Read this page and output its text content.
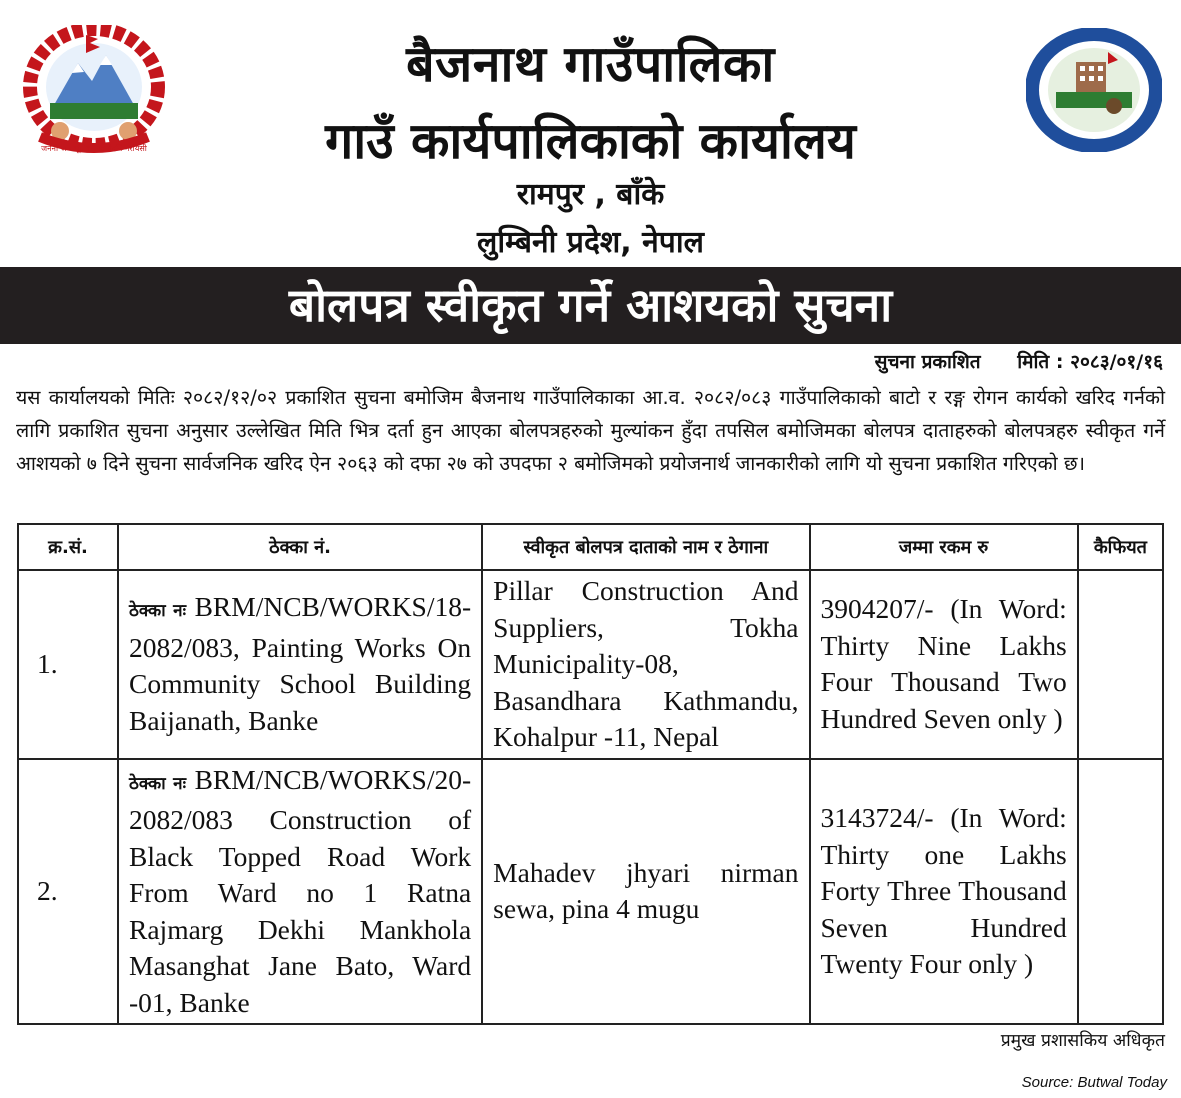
जननी जन्मभूमिश्च स्वर्गादपि गरीयसी
बैजनाथ गाउँपालिका
गाउँ कार्यपालिकाको कार्यालय
रामपुर , बाँके
लुम्बिनी प्रदेश, नेपाल
बोलपत्र स्वीकृत गर्ने आशयको सुचना
सुचना प्रकाशित मिति : २०८३/०१/१६
यस कार्यालयको मितिः २०८२/१२/०२ प्रकाशित सुचना बमोजिम बैजनाथ गाउँपालिकाका आ.व. २०८२/०८३ गाउँपालिकाको बाटो र रङ्ग रोगन कार्यको खरिद गर्नको लागि प्रकाशित सुचना अनुसार उल्लेखित मिति भित्र दर्ता हुन आएका बोलपत्रहरुको मुल्यांकन हुँदा तपसिल बमोजिमका बोलपत्र दाताहरुको बोलपत्रहरु स्वीकृत गर्ने आशयको ७ दिने सुचना सार्वजनिक खरिद ऐन २०६३ को दफा २७ को उपदफा २ बमोजिमको प्रयोजनार्थ जानकारीको लागि यो सुचना प्रकाशित गरिएको छ।
क्र.सं.	ठेक्का नं.	स्वीकृत बोलपत्र दाताको नाम र ठेगाना	जम्मा रकम रु	कैफियत
1.	ठेक्का नः BRM/NCB/WORKS/18-2082/083, Painting Works On Community School Building Baijanath, Banke	Pillar Construction And Suppliers, Tokha Municipality-08, Basandhara Kathmandu, Kohalpur -11, Nepal	3904207/- (In Word: Thirty Nine Lakhs Four Thousand Two Hundred Seven only )	
2.	ठेक्का नः BRM/NCB/WORKS/20-2082/083 Construction of Black Topped Road Work From Ward no 1 Ratna Rajmarg Dekhi Mankhola Masanghat Jane Bato, Ward -01, Banke	Mahadev jhyari nirman sewa, pina 4 mugu	3143724/- (In Word: Thirty one Lakhs Forty Three Thousand Seven Hundred Twenty Four only )	
प्रमुख प्रशासकिय अधिकृत
Source: Butwal Today
